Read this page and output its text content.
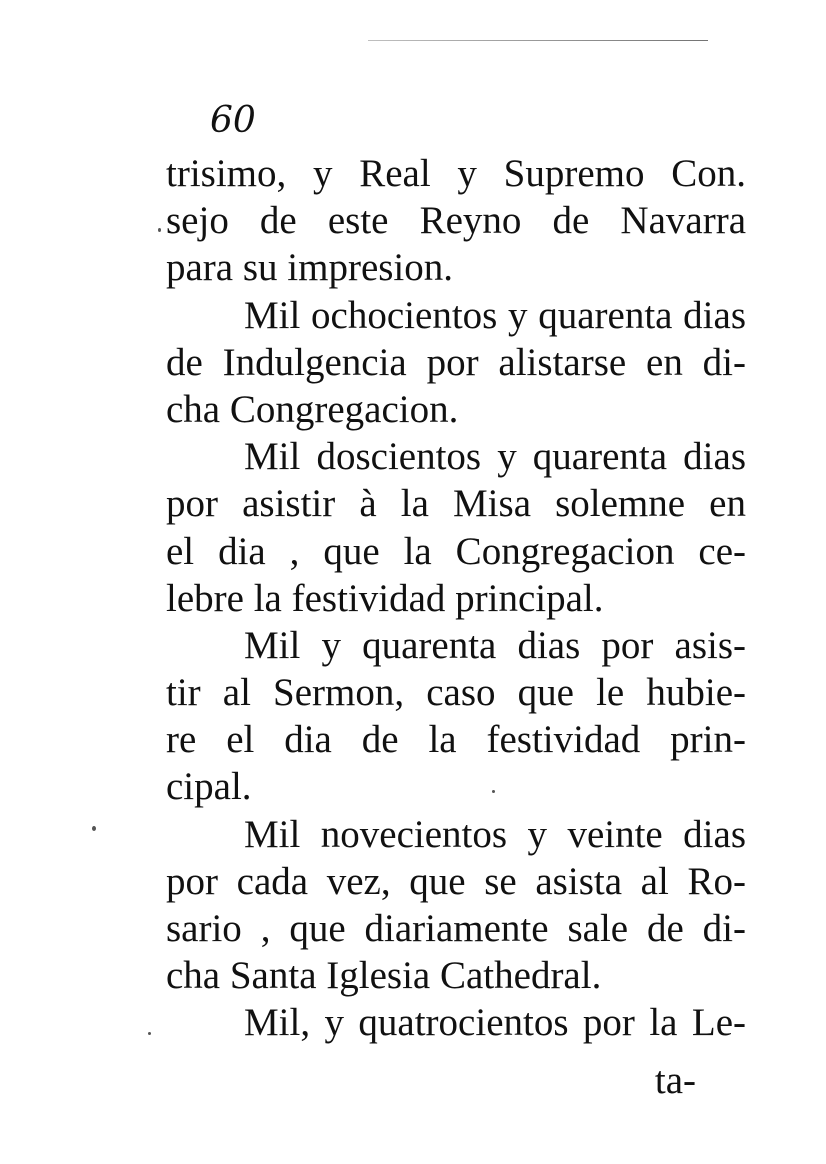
60
trisimo, y Real y Supremo Con.
sejo de este Reyno de Navarra
para su impresion.
Mil ochocientos y quarenta dias
de Indulgencia por alistarse en di-
cha Congregacion.
Mil doscientos y quarenta dias
por asistir à la Misa solemne en
el dia , que la Congregacion ce-
lebre la festividad principal.
Mil y quarenta dias por asis-
tir al Sermon, caso que le hubie-
re el dia de la festividad prin-
cipal.
Mil novecientos y veinte dias
por cada vez, que se asista al Ro-
sario , que diariamente sale de di-
cha Santa Iglesia Cathedral.
Mil, y quatrocientos por la Le-
ta-
